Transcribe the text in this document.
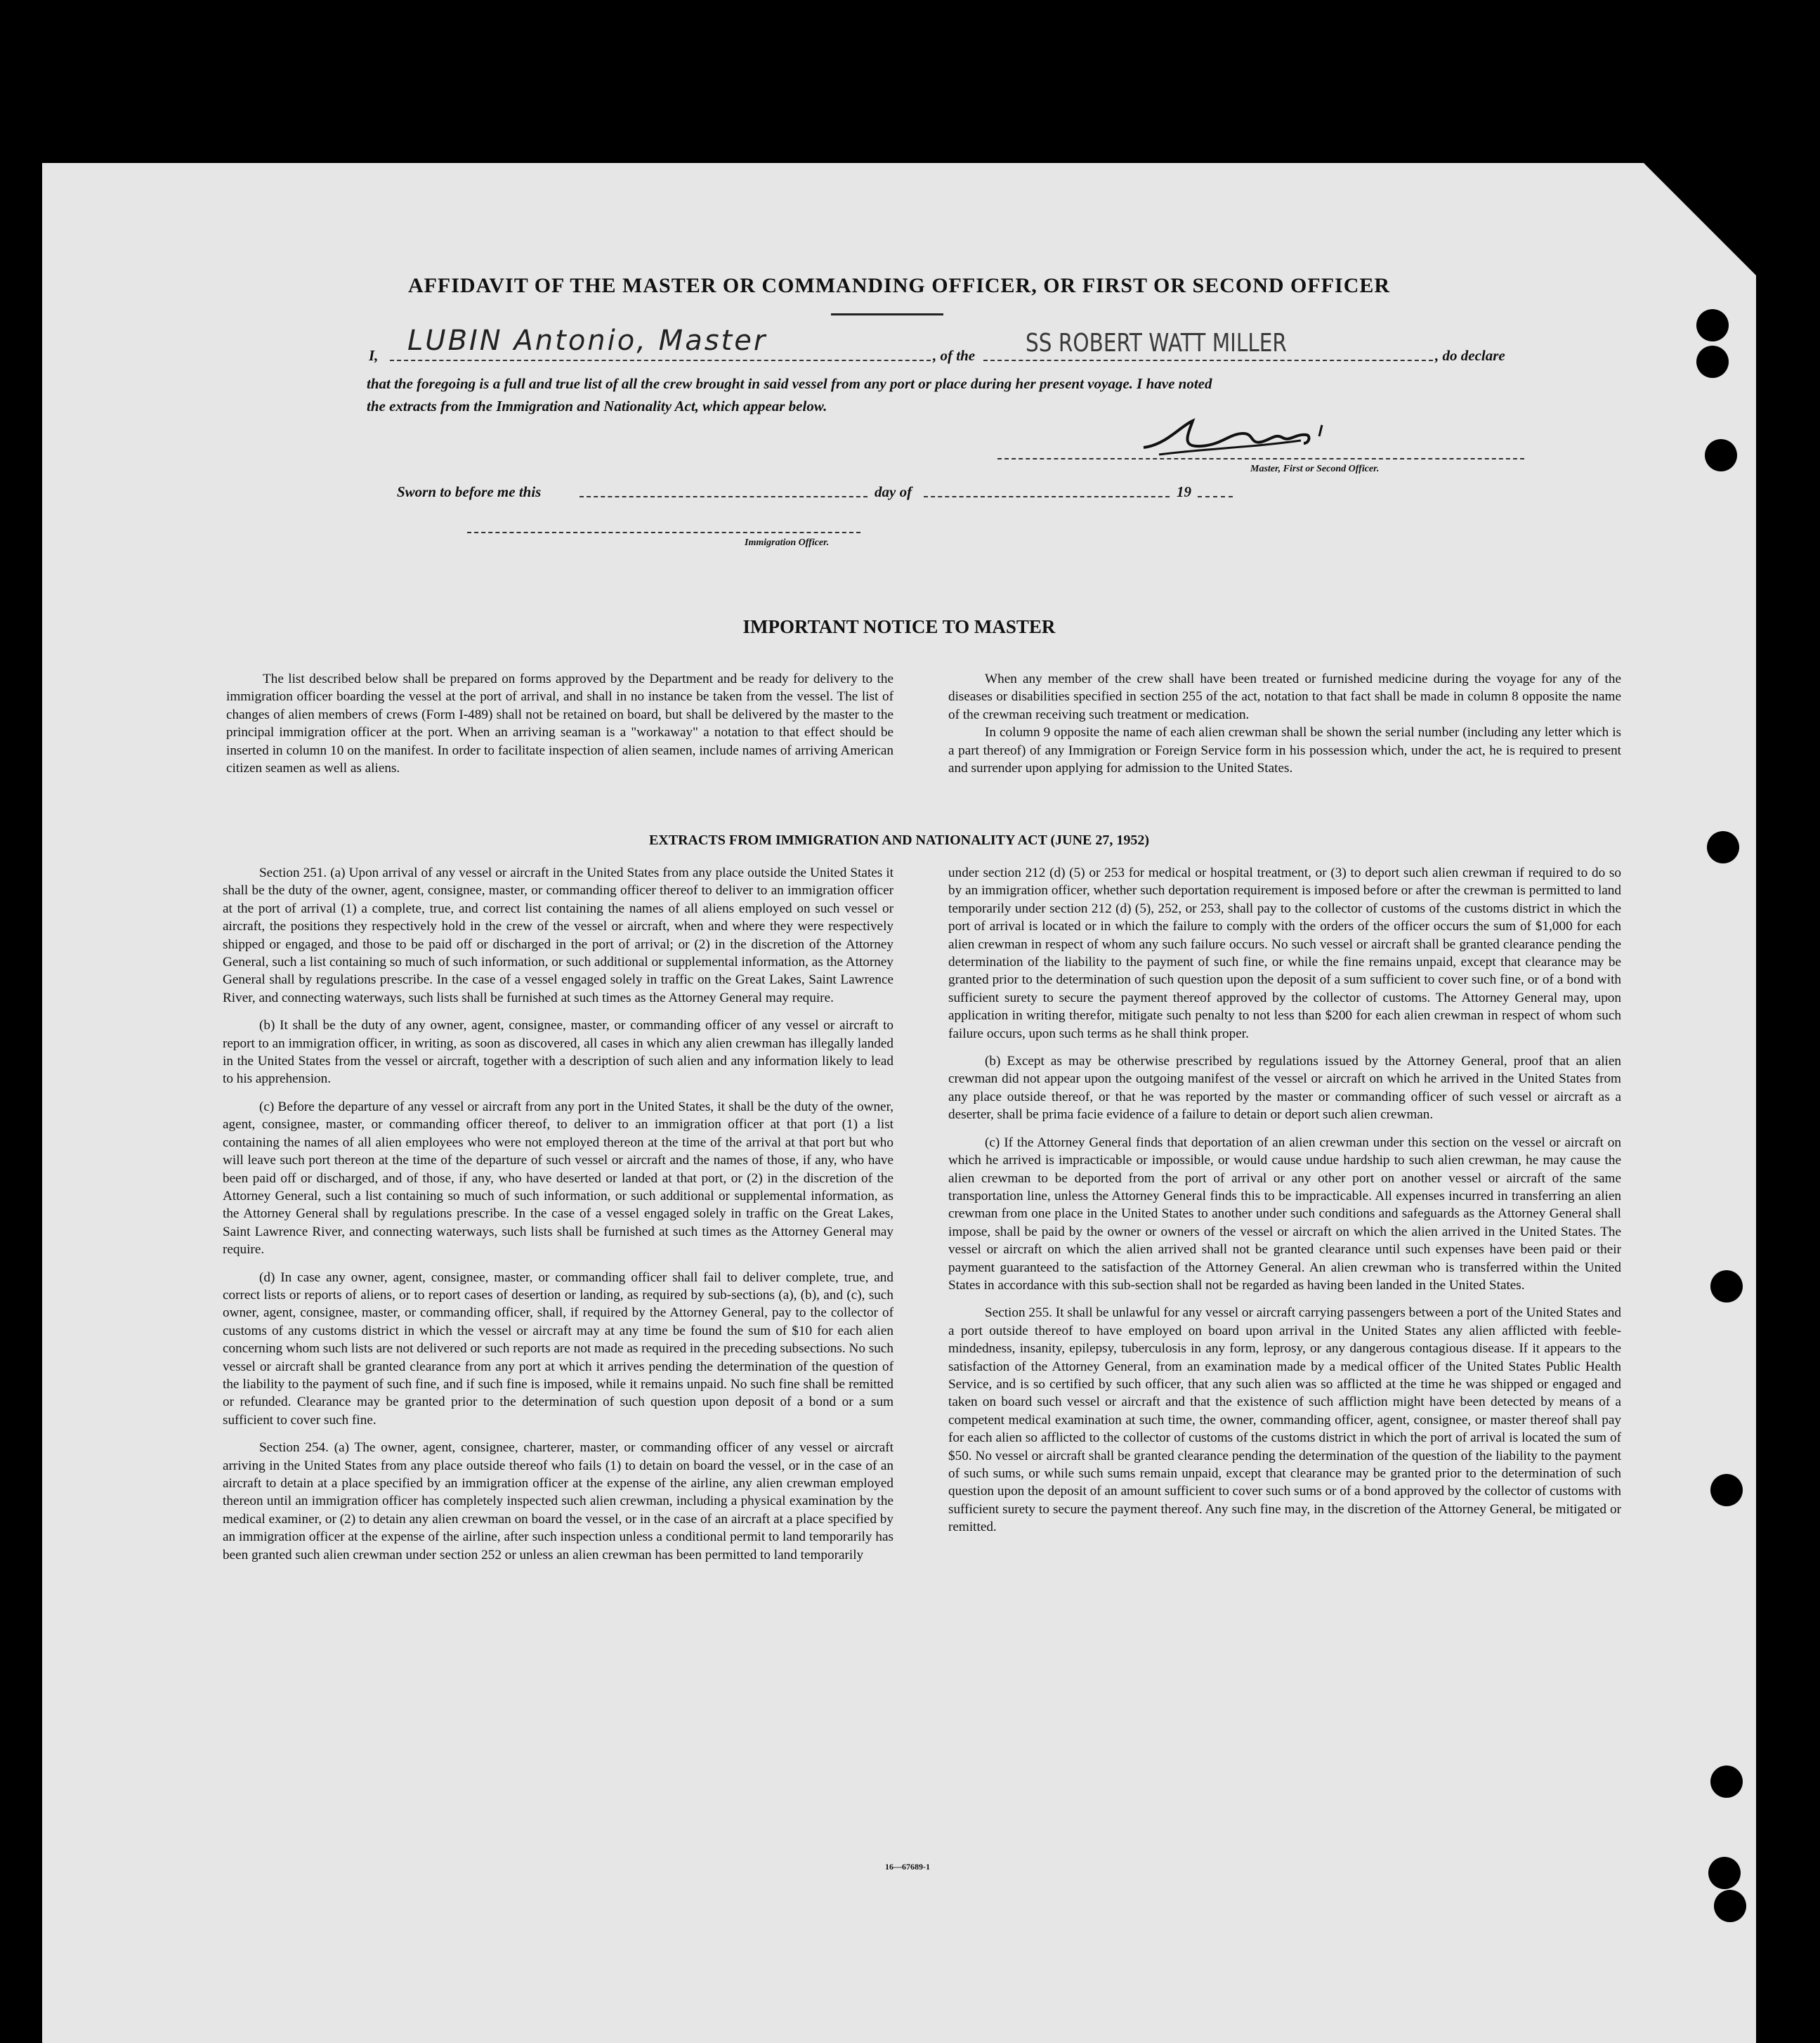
AFFIDAVIT OF THE MASTER OR COMMANDING OFFICER, OR FIRST OR SECOND OFFICER
I, LUBIN Antonio, Master	, of the SS ROBERT WATT MILLER	, do declare
that the foregoing is a full and true list of all the crew brought in said vessel from any port or place during her present voyage. I have noted
the extracts from the Immigration and Nationality Act, which appear below.
Master, First or Second Officer.
Sworn to before me this	day of	19
Immigration Officer.
IMPORTANT NOTICE TO MASTER

The list described below shall be prepared on forms approved by the Department and be ready for delivery to the immigration officer boarding the vessel at the port of arrival, and shall in no instance be taken from the vessel. The list of changes of alien members of crews (Form I-489) shall not be retained on board, but shall be delivered by the master to the principal immigration officer at the port. When an arriving seaman is a "workaway" a notation to that effect should be inserted in column 10 on the manifest. In order to facilitate inspection of alien seamen, include names of arriving American citizen seamen as well as aliens.

When any member of the crew shall have been treated or furnished medicine during the voyage for any of the diseases or disabilities specified in section 255 of the act, notation to that fact shall be made in column 8 opposite the name of the crewman receiving such treatment or medication.

In column 9 opposite the name of each alien crewman shall be shown the serial number (including any letter which is a part thereof) of any Immigration or Foreign Service form in his possession which, under the act, he is required to present and surrender upon applying for admission to the United States.

EXTRACTS FROM IMMIGRATION AND NATIONALITY ACT (JUNE 27, 1952)

Section 251. (a) Upon arrival of any vessel or aircraft in the United States from any place outside the United States it shall be the duty of the owner, agent, consignee, master, or commanding officer thereof to deliver to an immigration officer at the port of arrival (1) a complete, true, and correct list containing the names of all aliens employed on such vessel or aircraft, the positions they respectively hold in the crew of the vessel or aircraft, when and where they were respectively shipped or engaged, and those to be paid off or discharged in the port of arrival; or (2) in the discretion of the Attorney General, such a list containing so much of such information, or such additional or supplemental information, as the Attorney General shall by regulations prescribe. In the case of a vessel engaged solely in traffic on the Great Lakes, Saint Lawrence River, and connecting waterways, such lists shall be furnished at such times as the Attorney General may require.

(b) It shall be the duty of any owner, agent, consignee, master, or commanding officer of any vessel or aircraft to report to an immigration officer, in writing, as soon as discovered, all cases in which any alien crewman has illegally landed in the United States from the vessel or aircraft, together with a description of such alien and any information likely to lead to his apprehension.

(c) Before the departure of any vessel or aircraft from any port in the United States, it shall be the duty of the owner, agent, consignee, master, or commanding officer thereof, to deliver to an immigration officer at that port (1) a list containing the names of all alien employees who were not employed thereon at the time of the arrival at that port but who will leave such port thereon at the time of the departure of such vessel or aircraft and the names of those, if any, who have been paid off or discharged, and of those, if any, who have deserted or landed at that port, or (2) in the discretion of the Attorney General, such a list containing so much of such information, or such additional or supplemental information, as the Attorney General shall by regulations prescribe. In the case of a vessel engaged solely in traffic on the Great Lakes, Saint Lawrence River, and connecting waterways, such lists shall be furnished at such times as the Attorney General may require.

(d) In case any owner, agent, consignee, master, or commanding officer shall fail to deliver complete, true, and correct lists or reports of aliens, or to report cases of desertion or landing, as required by sub-sections (a), (b), and (c), such owner, agent, consignee, master, or commanding officer, shall, if required by the Attorney General, pay to the collector of customs of any customs district in which the vessel or aircraft may at any time be found the sum of $10 for each alien concerning whom such lists are not delivered or such reports are not made as required in the preceding subsections. No such vessel or aircraft shall be granted clearance from any port at which it arrives pending the determination of the question of the liability to the payment of such fine, and if such fine is imposed, while it remains unpaid. No such fine shall be remitted or refunded. Clearance may be granted prior to the determination of such question upon deposit of a bond or a sum sufficient to cover such fine.

Section 254. (a) The owner, agent, consignee, charterer, master, or commanding officer of any vessel or aircraft arriving in the United States from any place outside thereof who fails (1) to detain on board the vessel, or in the case of an aircraft to detain at a place specified by an immigration officer at the expense of the airline, any alien crewman employed thereon until an immigration officer has completely inspected such alien crewman, including a physical examination by the medical examiner, or (2) to detain any alien crewman on board the vessel, or in the case of an aircraft at a place specified by an immigration officer at the expense of the airline, after such inspection unless a conditional permit to land temporarily has been granted such alien crewman under section 252 or unless an alien crewman has been permitted to land temporarily

under section 212 (d) (5) or 253 for medical or hospital treatment, or (3) to deport such alien crewman if required to do so by an immigration officer, whether such deportation requirement is imposed before or after the crewman is permitted to land temporarily under section 212 (d) (5), 252, or 253, shall pay to the collector of customs of the customs district in which the port of arrival is located or in which the failure to comply with the orders of the officer occurs the sum of $1,000 for each alien crewman in respect of whom any such failure occurs. No such vessel or aircraft shall be granted clearance pending the determination of the liability to the payment of such fine, or while the fine remains unpaid, except that clearance may be granted prior to the determination of such question upon the deposit of a sum sufficient to cover such fine, or of a bond with sufficient surety to secure the payment thereof approved by the collector of customs. The Attorney General may, upon application in writing therefor, mitigate such penalty to not less than $200 for each alien crewman in respect of whom such failure occurs, upon such terms as he shall think proper.

(b) Except as may be otherwise prescribed by regulations issued by the Attorney General, proof that an alien crewman did not appear upon the outgoing manifest of the vessel or aircraft on which he arrived in the United States from any place outside thereof, or that he was reported by the master or commanding officer of such vessel or aircraft as a deserter, shall be prima facie evidence of a failure to detain or deport such alien crewman.

(c) If the Attorney General finds that deportation of an alien crewman under this section on the vessel or aircraft on which he arrived is impracticable or impossible, or would cause undue hardship to such alien crewman, he may cause the alien crewman to be deported from the port of arrival or any other port on another vessel or aircraft of the same transportation line, unless the Attorney General finds this to be impracticable. All expenses incurred in transferring an alien crewman from one place in the United States to another under such conditions and safeguards as the Attorney General shall impose, shall be paid by the owner or owners of the vessel or aircraft on which the alien arrived in the United States. The vessel or aircraft on which the alien arrived shall not be granted clearance until such expenses have been paid or their payment guaranteed to the satisfaction of the Attorney General. An alien crewman who is transferred within the United States in accordance with this sub-section shall not be regarded as having been landed in the United States.

Section 255. It shall be unlawful for any vessel or aircraft carrying passengers between a port of the United States and a port outside thereof to have employed on board upon arrival in the United States any alien afflicted with feeble-mindedness, insanity, epilepsy, tuberculosis in any form, leprosy, or any dangerous contagious disease. If it appears to the satisfaction of the Attorney General, from an examination made by a medical officer of the United States Public Health Service, and is so certified by such officer, that any such alien was so afflicted at the time he was shipped or engaged and taken on board such vessel or aircraft and that the existence of such affliction might have been detected by means of a competent medical examination at such time, the owner, commanding officer, agent, consignee, or master thereof shall pay for each alien so afflicted to the collector of customs of the customs district in which the port of arrival is located the sum of $50. No vessel or aircraft shall be granted clearance pending the determination of the question of the liability to the payment of such sums, or while such sums remain unpaid, except that clearance may be granted prior to the determination of such question upon the deposit of an amount sufficient to cover such sums or of a bond approved by the collector of customs with sufficient surety to secure the payment thereof. Any such fine may, in the discretion of the Attorney General, be mitigated or remitted.

16—67689-1
